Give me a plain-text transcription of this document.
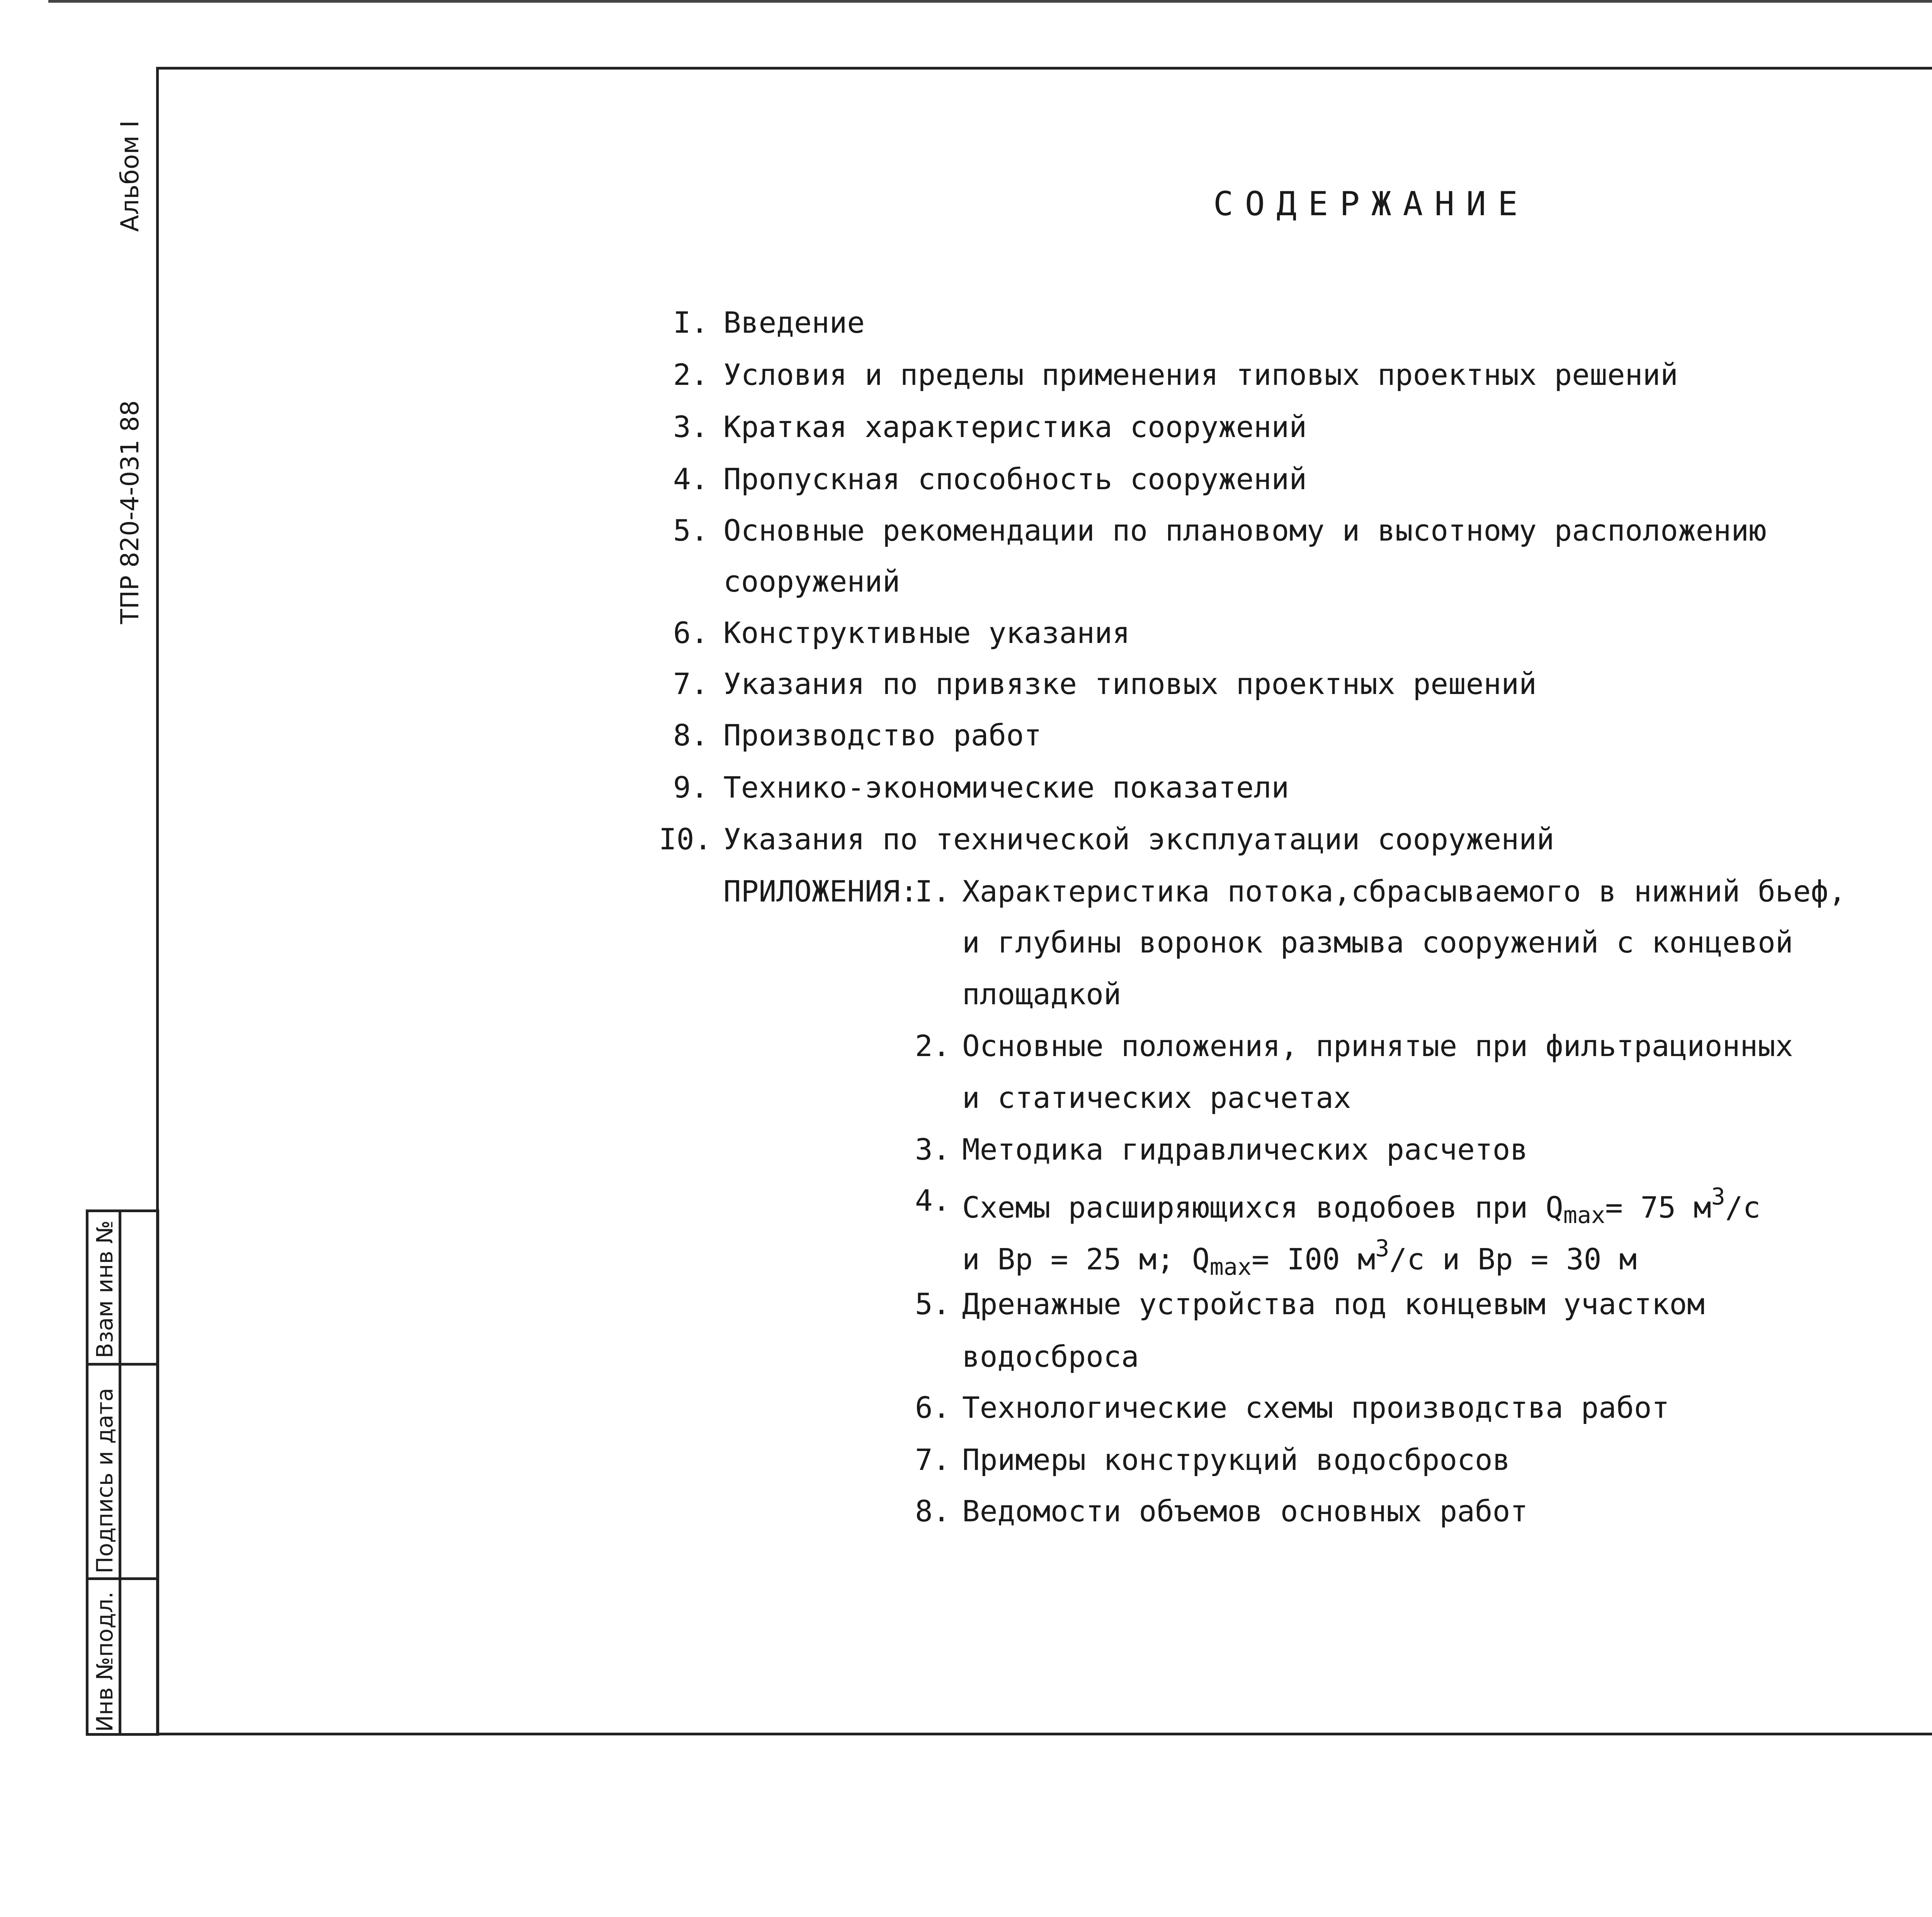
Альбом I
ТПР 820-4-031 88
Взам инв №
Подпись и дата
Инв №подл.
СОДЕРЖАНИЕ
I. Введение
2. Условия и пределы применения типовых проектных решений
3. Краткая характеристика сооружений
4. Пропускная способность сооружений
5. Основные рекомендации по плановому и высотному расположению
сооружений
6. Конструктивные указания
7. Указания по привязке типовых проектных решений
8. Производство работ
9. Технико-экономические показатели
I0. Указания по технической эксплуатации сооружений
ПРИЛОЖЕНИЯ:
I. Характеристика потока,сбрасываемого в нижний бьеф,
и глубины воронок размыва сооружений с концевой
площадкой
2. Основные положения, принятые при фильтрационных
и статических расчетах
3. Методика гидравлических расчетов
4. Схемы расширяющихся водобоев при $Q_{max}= 75$ $м^3/с$
и Вр = 25 м; $Q_{max}= I00$ $м^3/с$ и Вр = 30 м
5. Дренажные устройства под концевым участком
водосброса
6. Технологические схемы производства работ
7. Примеры конструкций водосбросов
8. Ведомости объемов основных работ
